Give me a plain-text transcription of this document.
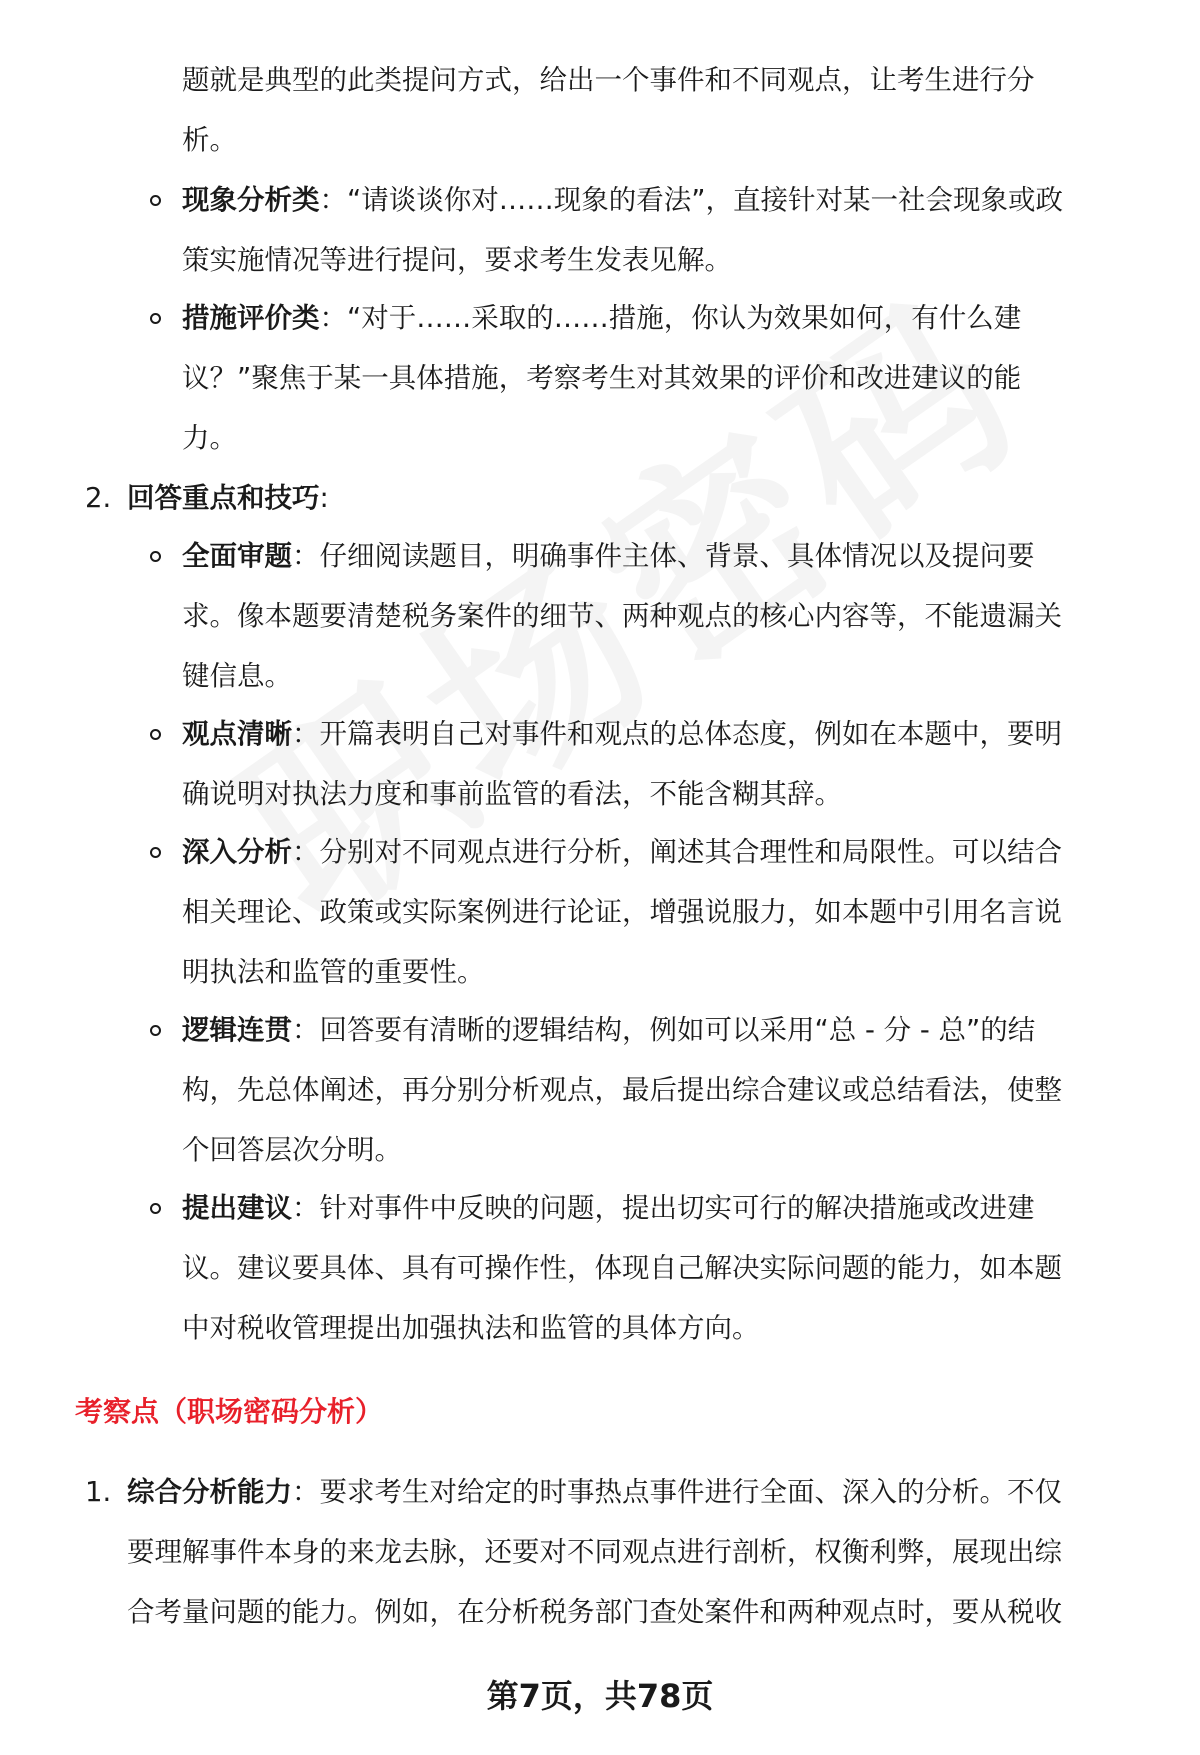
题就是典型的此类提问方式，给出一个事件和不同观点，让考生进行分
析。
现象分析类：“请谈谈你对……现象的看法”，直接针对某一社会现象或政
策实施情况等进行提问，要求考生发表见解。
措施评价类：“对于……采取的……措施，你认为效果如何，有什么建
议？”聚焦于某一具体措施，考察考生对其效果的评价和改进建议的能
力。
2. 回答重点和技巧:
全面审题：仔细阅读题目，明确事件主体、背景、具体情况以及提问要
求。像本题要清楚税务案件的细节、两种观点的核心内容等，不能遗漏关
键信息。
观点清晰：开篇表明自己对事件和观点的总体态度，例如在本题中，要明
确说明对执法力度和事前监管的看法，不能含糊其辞。
深入分析：分别对不同观点进行分析，阐述其合理性和局限性。可以结合
相关理论、政策或实际案例进行论证，增强说服力，如本题中引用名言说
明执法和监管的重要性。
逻辑连贯：回答要有清晰的逻辑结构，例如可以采用“总 - 分 - 总”的结
构，先总体阐述，再分别分析观点，最后提出综合建议或总结看法，使整
个回答层次分明。
提出建议：针对事件中反映的问题，提出切实可行的解决措施或改进建
议。建议要具体、具有可操作性，体现自己解决实际问题的能力，如本题
中对税收管理提出加强执法和监管的具体方向。
考察点（职场密码分析）
1. 综合分析能力：要求考生对给定的时事热点事件进行全面、深入的分析。不仅
要理解事件本身的来龙去脉，还要对不同观点进行剖析，权衡利弊，展现出综
合考量问题的能力。例如，在分析税务部门查处案件和两种观点时，要从税收
第7页，共78页
